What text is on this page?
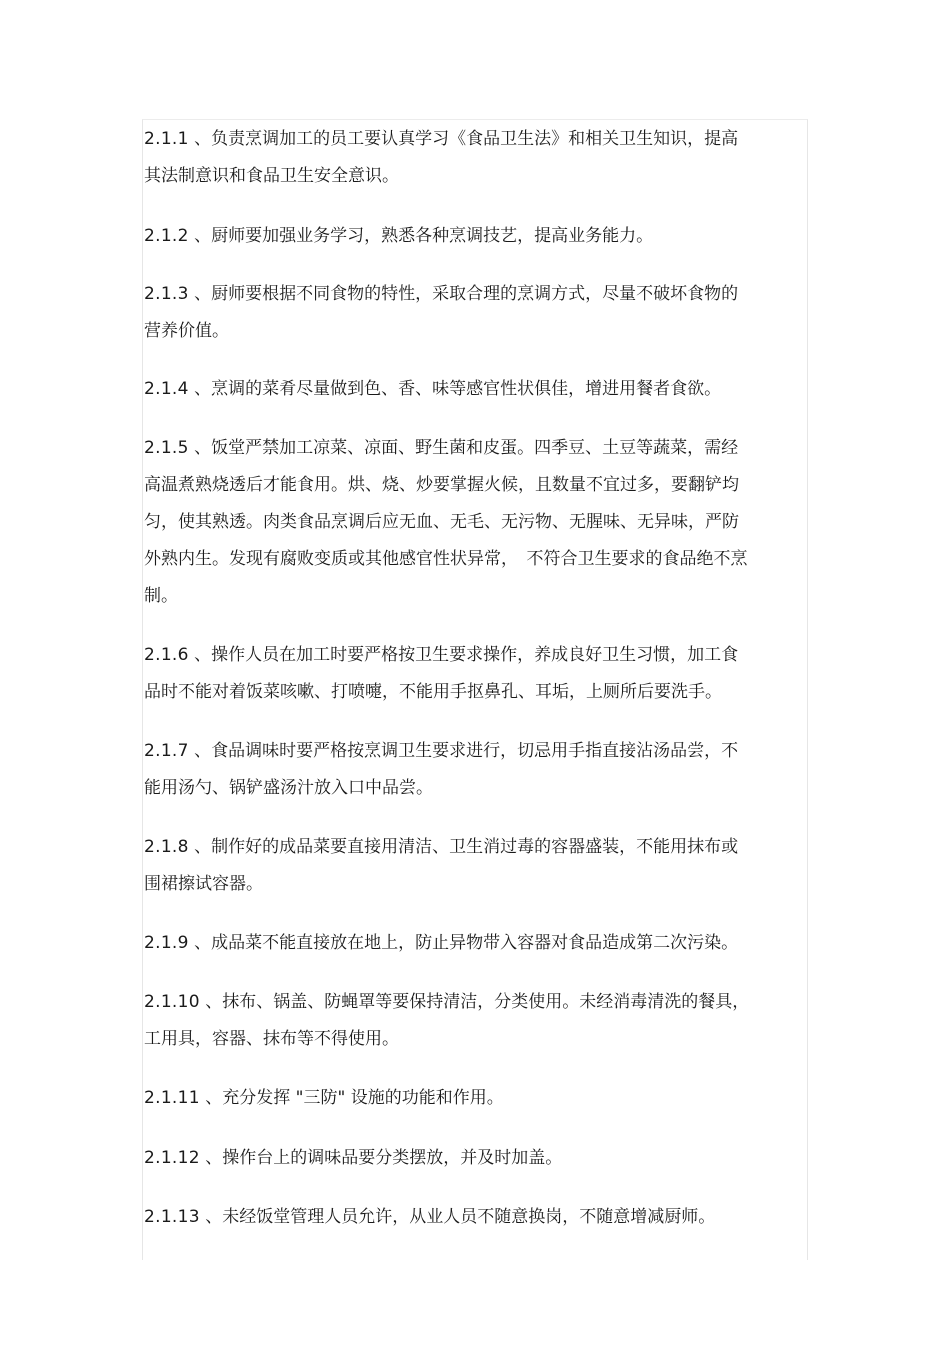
2.1.1 、负责烹调加工的员工要认真学习《食品卫生法》和相关卫生知识，提高
其法制意识和食品卫生安全意识。

2.1.2 、厨师要加强业务学习，熟悉各种烹调技艺，提高业务能力。

2.1.3 、厨师要根据不同食物的特性，采取合理的烹调方式，尽量不破坏食物的
营养价值。

2.1.4 、烹调的菜肴尽量做到色、香、味等感官性状俱佳，增进用餐者食欲。

2.1.5 、饭堂严禁加工凉菜、凉面、野生菌和皮蛋。四季豆、土豆等蔬菜，需经
高温煮熟烧透后才能食用。烘、烧、炒要掌握火候，且数量不宜过多，要翻铲均
匀，使其熟透。肉类食品烹调后应无血、无毛、无污物、无腥味、无异味，严防
外熟内生。发现有腐败变质或其他感官性状异常，　不符合卫生要求的食品绝不烹
制。

2.1.6 、操作人员在加工时要严格按卫生要求操作，养成良好卫生习惯，加工食
品时不能对着饭菜咳嗽、打喷嚏，不能用手抠鼻孔、耳垢，上厕所后要洗手。

2.1.7 、食品调味时要严格按烹调卫生要求进行，切忌用手指直接沾汤品尝，不
能用汤勺、锅铲盛汤汁放入口中品尝。

2.1.8 、制作好的成品菜要直接用清洁、卫生消过毒的容器盛装，不能用抹布或
围裙擦试容器。

2.1.9 、成品菜不能直接放在地上，防止异物带入容器对食品造成第二次污染。

2.1.10 、抹布、锅盖、防蝇罩等要保持清洁，分类使用。未经消毒清洗的餐具，
工用具，容器、抹布等不得使用。

2.1.11 、充分发挥 "三防" 设施的功能和作用。

2.1.12 、操作台上的调味品要分类摆放，并及时加盖。

2.1.13 、未经饭堂管理人员允许，从业人员不随意换岗，不随意增减厨师。
